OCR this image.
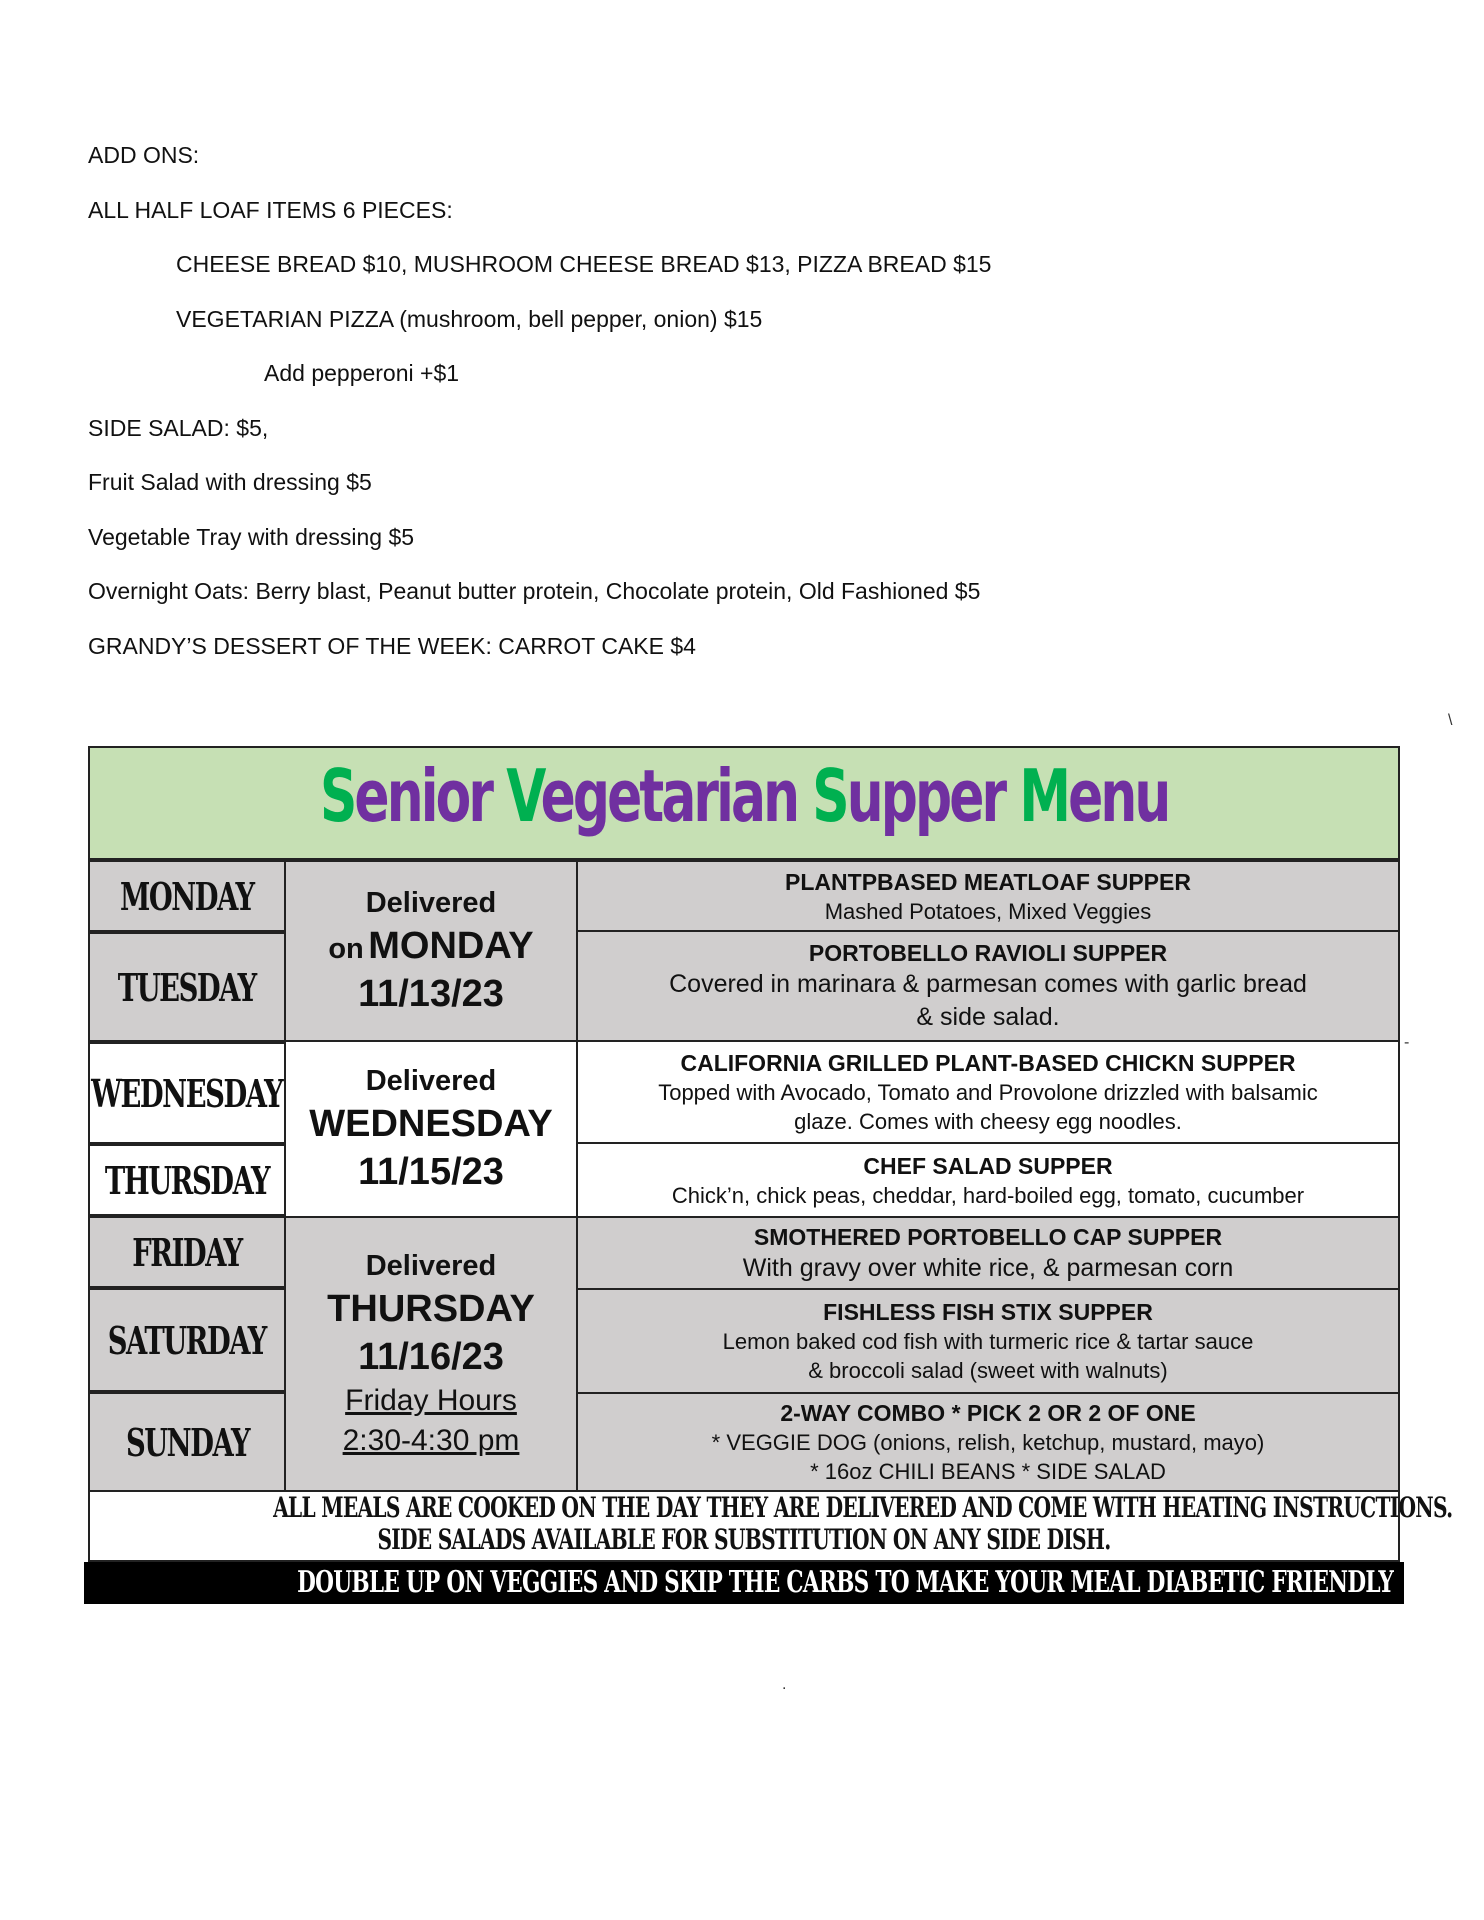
ADD ONS:
ALL HALF LOAF ITEMS 6 PIECES:
CHEESE BREAD $10, MUSHROOM CHEESE BREAD $13, PIZZA BREAD $15
VEGETARIAN PIZZA (mushroom, bell pepper, onion) $15
Add pepperoni +$1
SIDE SALAD: $5,
Fruit Salad with dressing $5
Vegetable Tray with dressing $5
Overnight Oats: Berry blast, Peanut butter protein, Chocolate protein, Old Fashioned $5
GRANDY’S DESSERT OF THE WEEK: CARROT CAKE $4
\
-
.
Senior Vegetarian Supper Menu
MONDAY
TUESDAY
WEDNESDAY
THURSDAY
FRIDAY
SATURDAY
SUNDAY
Delivered
on MONDAY
11/13/23
Delivered
WEDNESDAY
11/15/23
Delivered
THURSDAY
11/16/23
Friday Hours
2:30-4:30 pm
PLANTPBASED MEATLOAF SUPPER
Mashed Potatoes, Mixed Veggies
PORTOBELLO RAVIOLI SUPPER
Covered in marinara & parmesan comes with garlic bread
& side salad.
CALIFORNIA GRILLED PLANT-BASED CHICKN SUPPER
Topped with Avocado, Tomato and Provolone drizzled with balsamic
glaze. Comes with cheesy egg noodles.
CHEF SALAD SUPPER
Chick’n, chick peas, cheddar, hard-boiled egg, tomato, cucumber
SMOTHERED PORTOBELLO CAP SUPPER
With gravy over white rice, & parmesan corn
FISHLESS FISH STIX SUPPER
Lemon baked cod fish with turmeric rice & tartar sauce
& broccoli salad (sweet with walnuts)
2-WAY COMBO * PICK 2 OR 2 OF ONE
* VEGGIE DOG (onions, relish, ketchup, mustard, mayo)
* 16oz CHILI BEANS * SIDE SALAD
ALL MEALS ARE COOKED ON THE DAY THEY ARE DELIVERED AND COME WITH HEATING INSTRUCTIONS.
SIDE SALADS AVAILABLE FOR SUBSTITUTION ON ANY SIDE DISH.
DOUBLE UP ON VEGGIES AND SKIP THE CARBS TO MAKE YOUR MEAL DIABETIC FRIENDLY
